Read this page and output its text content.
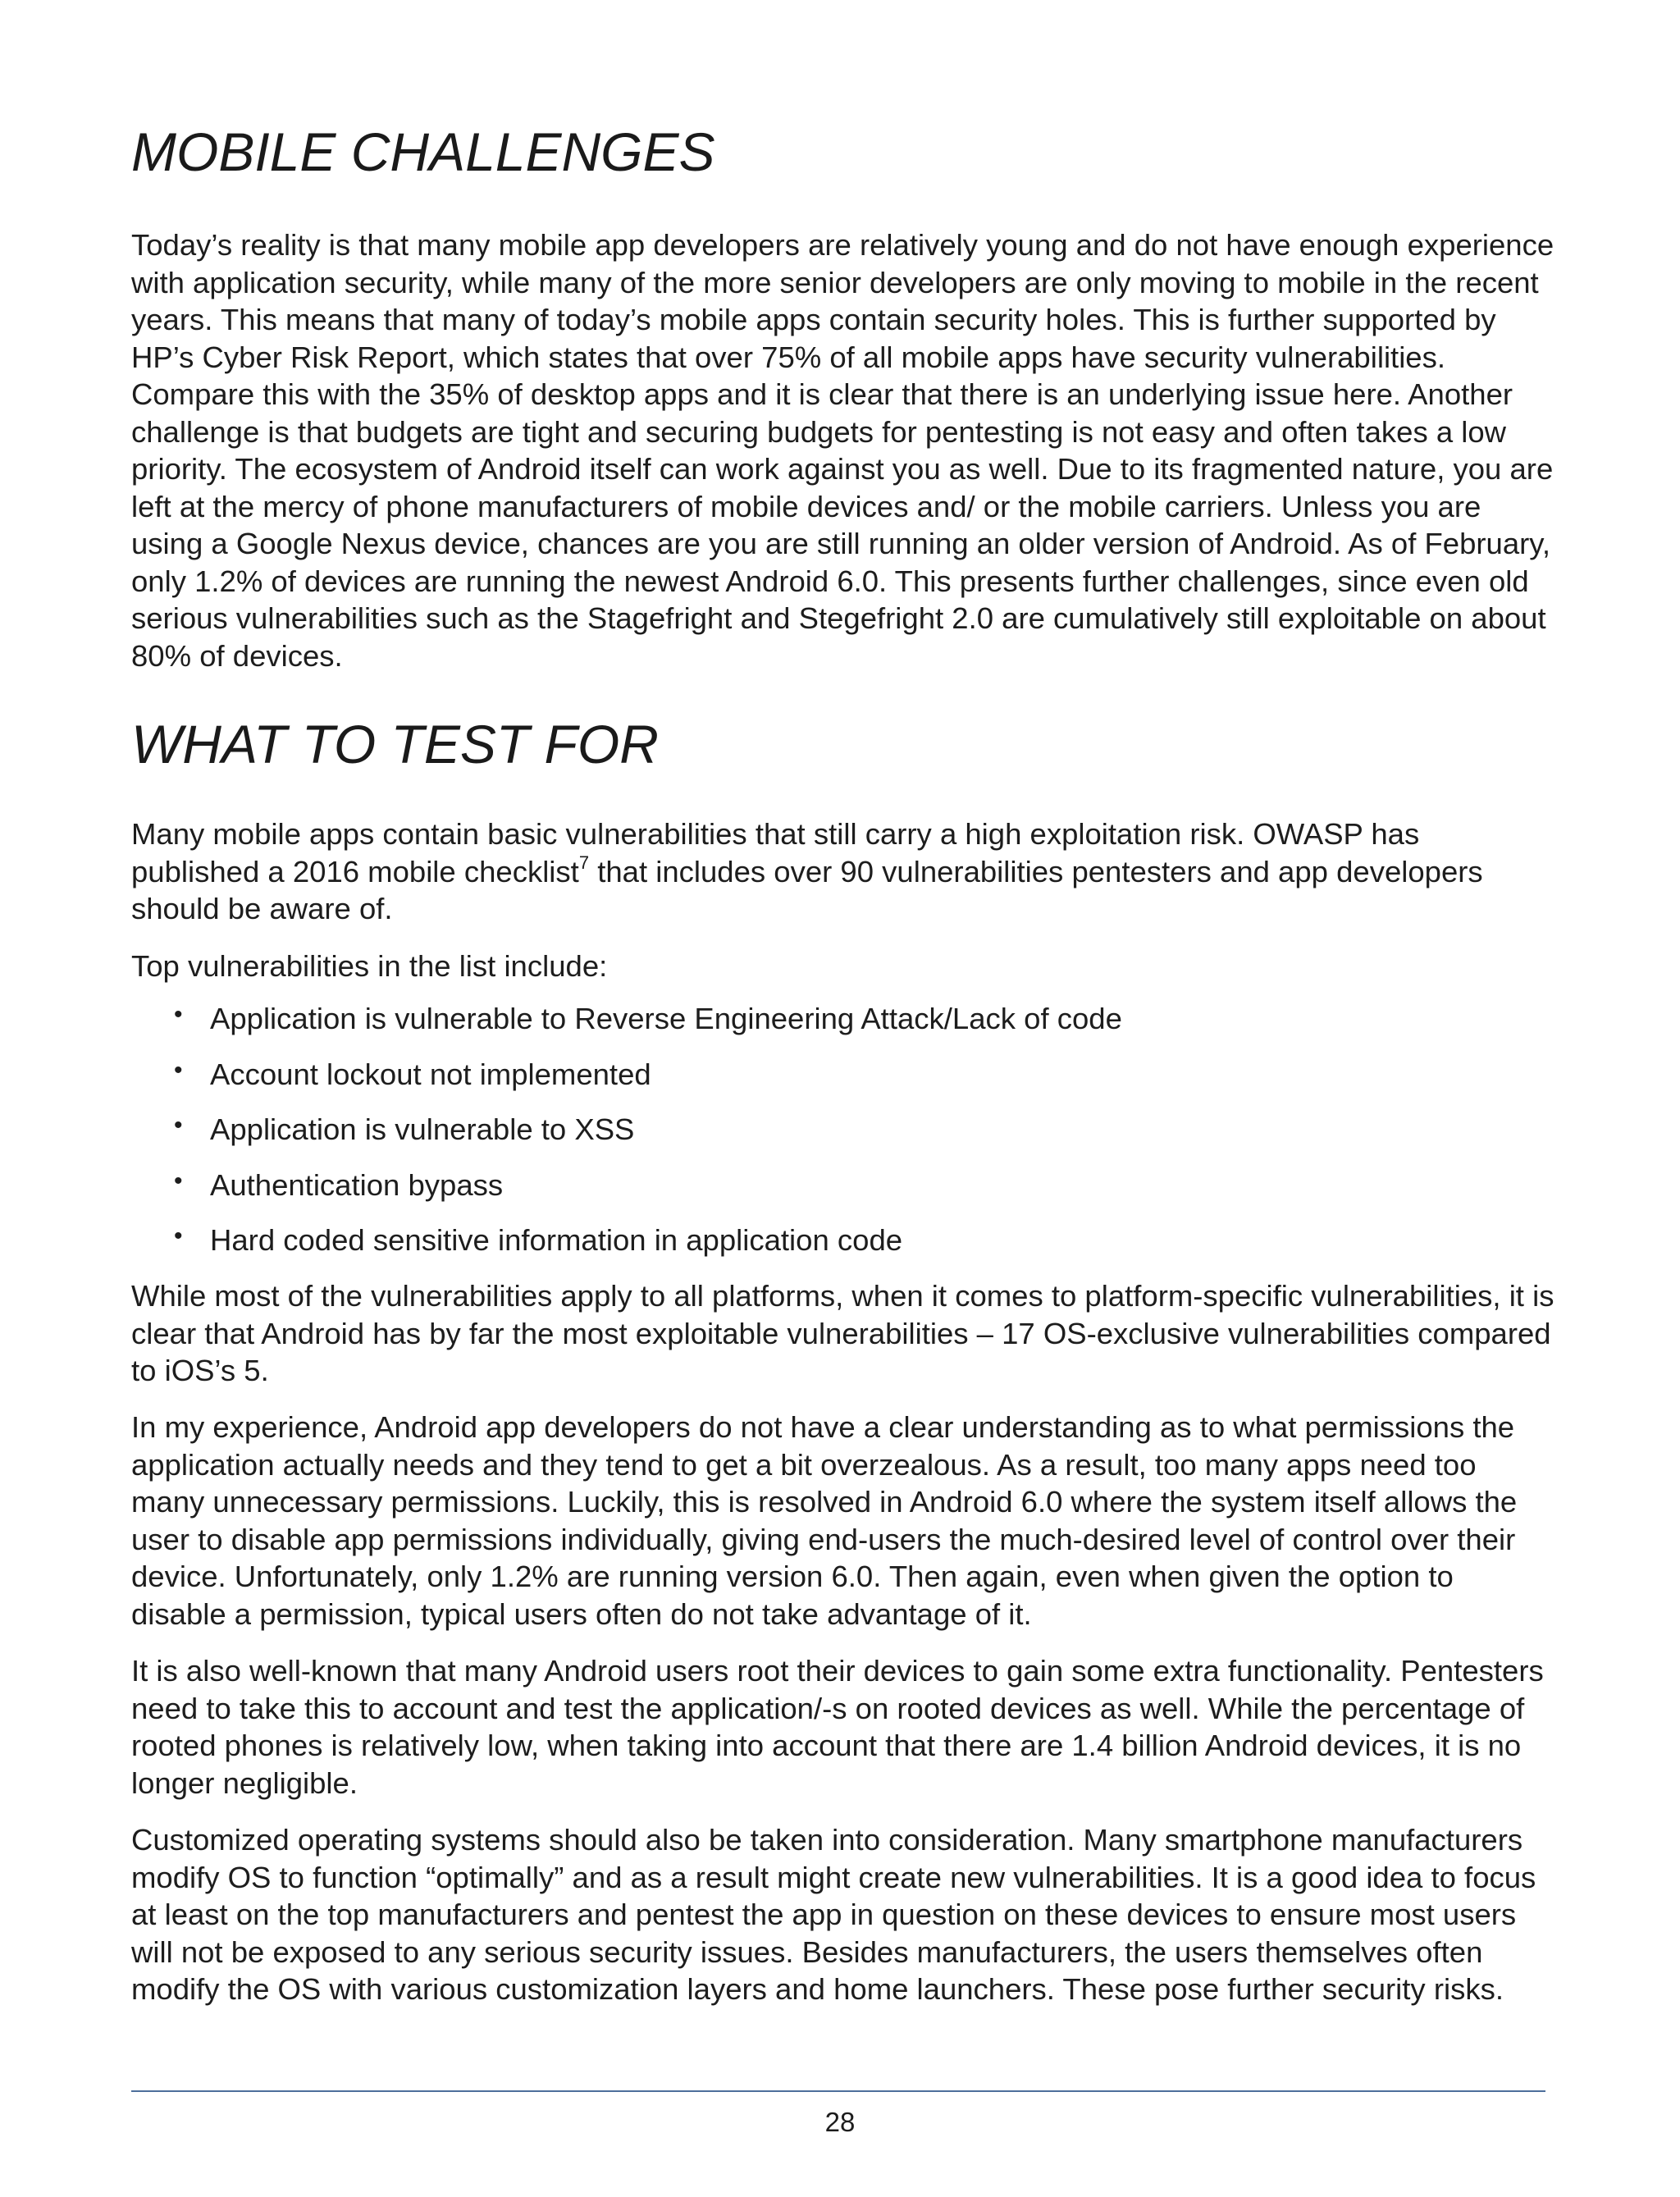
MOBILE CHALLENGES

Today’s reality is that many mobile app developers are relatively young and do not have enough experience with application security, while many of the more senior developers are only moving to mobile in the recent years. This means that many of today’s mobile apps contain security holes. This is further supported by HP’s Cyber Risk Report, which states that over 75% of all mobile apps have security vulnerabilities. Compare this with the 35% of desktop apps and it is clear that there is an underlying issue here. Another challenge is that budgets are tight and securing budgets for pentesting is not easy and often takes a low priority. The ecosystem of Android itself can work against you as well. Due to its fragmented nature, you are left at the mercy of phone manufacturers of mobile devices and/ or the mobile carriers. Unless you are using a Google Nexus device, chances are you are still running an older version of Android. As of February, only 1.2% of devices are running the newest Android 6.0. This presents further challenges, since even old serious vulnerabilities such as the Stagefright and Stegefright 2.0 are cumulatively still exploitable on about 80% of devices.

WHAT TO TEST FOR

Many mobile apps contain basic vulnerabilities that still carry a high exploitation risk. OWASP has published a 2016 mobile checklist$^7$ that includes over 90 vulnerabilities pentesters and app developers should be aware of.

Top vulnerabilities in the list include:

• Application is vulnerable to Reverse Engineering Attack/Lack of code
• Account lockout not implemented
• Application is vulnerable to XSS
• Authentication bypass
• Hard coded sensitive information in application code

While most of the vulnerabilities apply to all platforms, when it comes to platform-specific vulnerabilities, it is clear that Android has by far the most exploitable vulnerabilities – 17 OS-exclusive vulnerabilities compared to iOS’s 5.

In my experience, Android app developers do not have a clear understanding as to what permissions the application actually needs and they tend to get a bit overzealous. As a result, too many apps need too many unnecessary permissions. Luckily, this is resolved in Android 6.0 where the system itself allows the user to disable app permissions individually, giving end-users the much-desired level of control over their device. Unfortunately, only 1.2% are running version 6.0. Then again, even when given the option to disable a permission, typical users often do not take advantage of it.

It is also well-known that many Android users root their devices to gain some extra functionality. Pentesters need to take this to account and test the application/-s on rooted devices as well. While the percentage of rooted phones is relatively low, when taking into account that there are 1.4 billion Android devices, it is no longer negligible.

Customized operating systems should also be taken into consideration. Many smartphone manufacturers modify OS to function “optimally” and as a result might create new vulnerabilities. It is a good idea to focus at least on the top manufacturers and pentest the app in question on these devices to ensure most users will not be exposed to any serious security issues. Besides manufacturers, the users themselves often modify the OS with various customization layers and home launchers. These pose further security risks.

28
